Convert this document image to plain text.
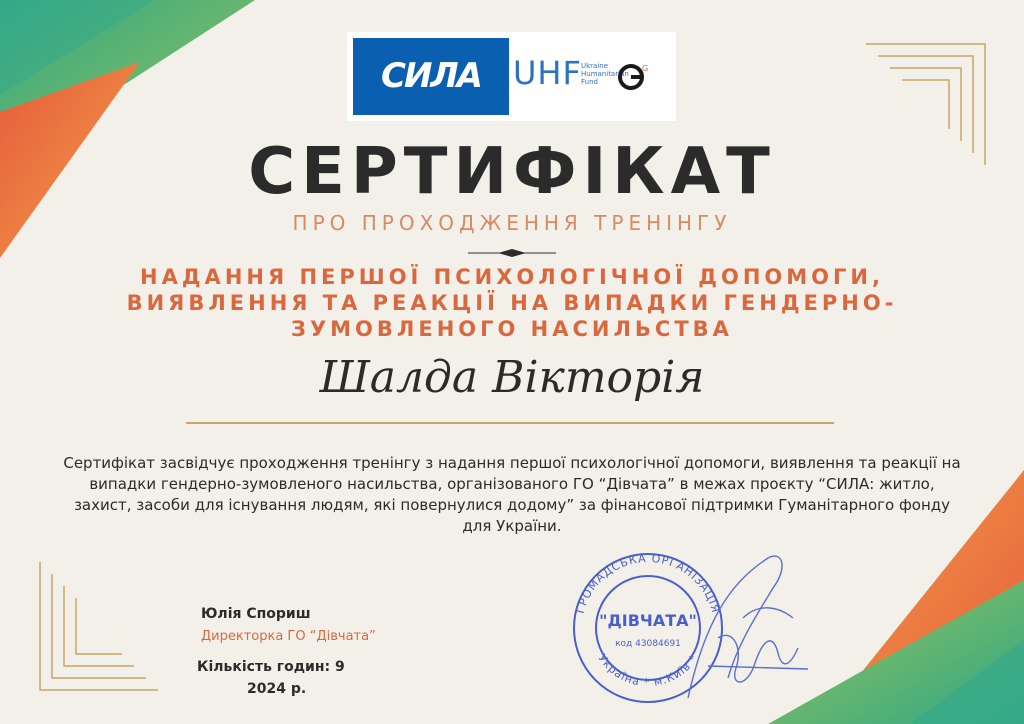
СИЛА	UHF Ukraine
Humanitarian
Fund
G
СЕРТИФІКАТ
ПРО ПРОХОДЖЕННЯ ТРЕНІНГУ
НАДАННЯ ПЕРШОЇ ПСИХОЛОГІЧНОЇ ДОПОМОГИ, ВИЯВЛЕННЯ ТА РЕАКЦІЇ НА ВИПАДКИ ГЕНДЕРНО-ЗУМОВЛЕНОГО НАСИЛЬСТВА
Шалда Вікторія
Сертифікат засвідчує проходження тренінгу з надання першої психологічної допомоги, виявлення та реакції на випадки гендерно-зумовленого насильства, організованого ГО “Дівчата” в межах проєкту “СИЛА: житло, захист, засоби для існування людям, які повернулися додому” за фінансової підтримки Гуманітарного фонду для України.
Юлія Спориш
Директорка ГО “Дівчата”
Кількість годин: 9
2024 р.
ГРОМАДСЬКА ОРГАНІЗАЦІЯ
Україна * м.Київ *
"ДІВЧАТА"
код 43084691
